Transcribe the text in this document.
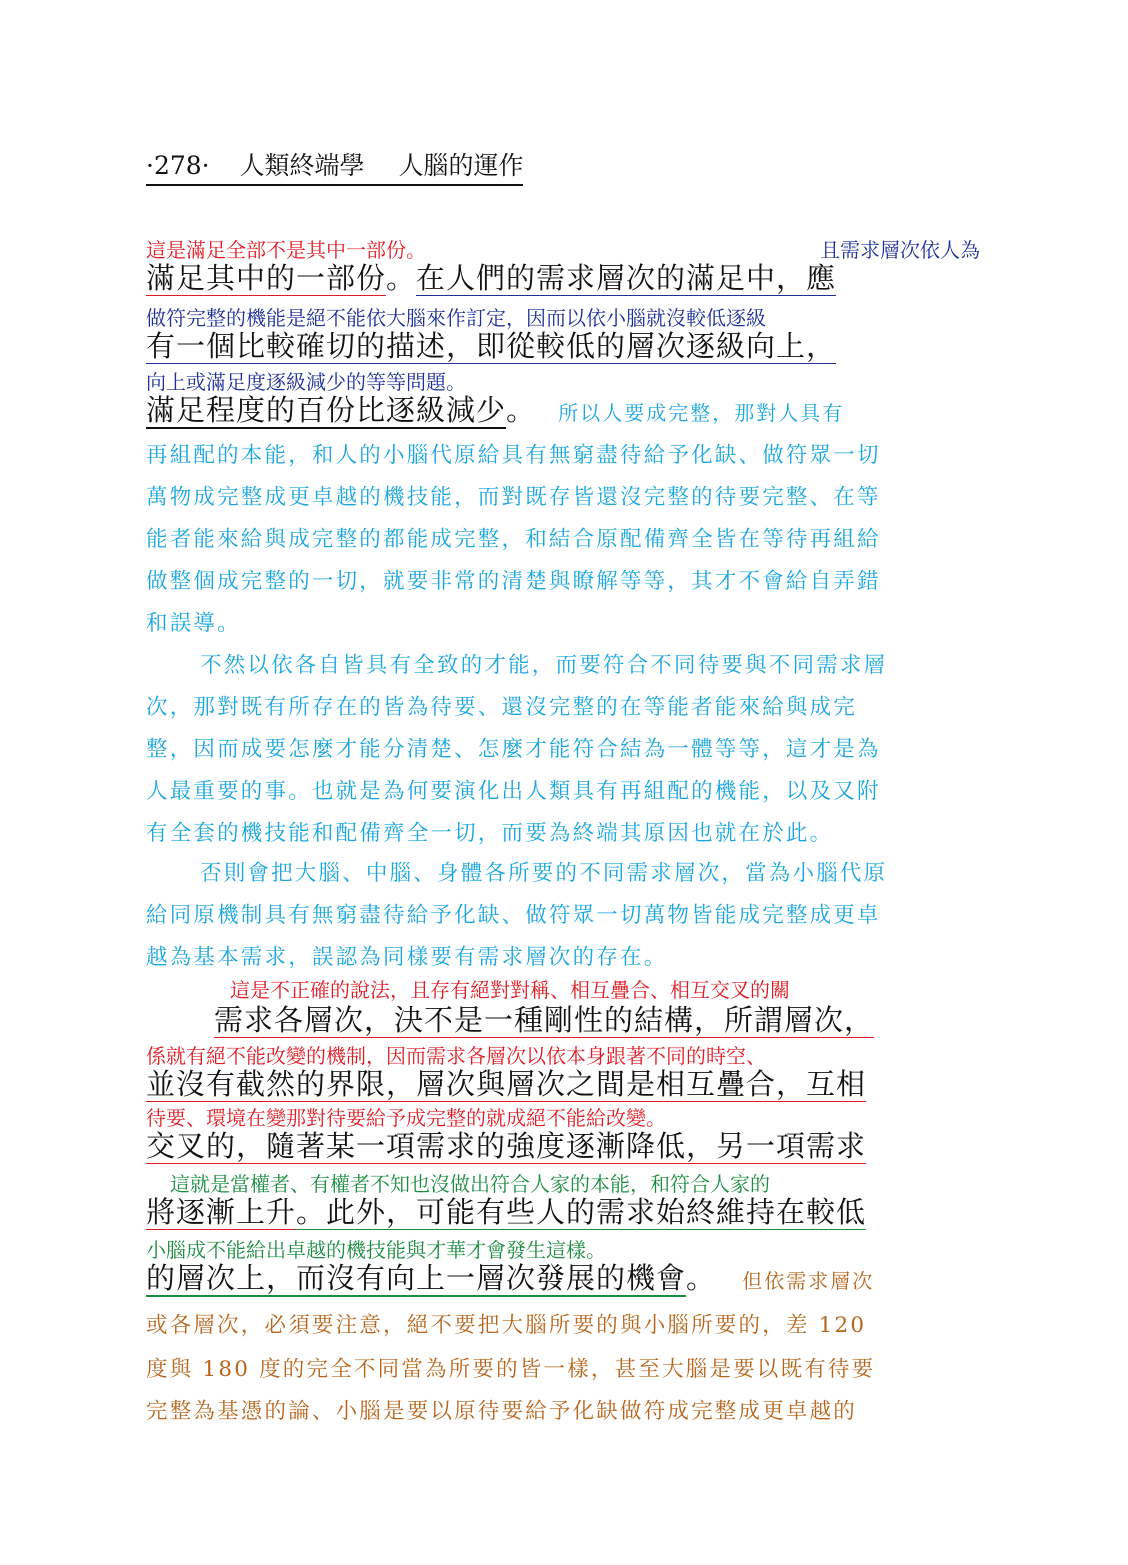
·278· 人類終端學 人腦的運作
這是滿足全部不是其中一部份。	且需求層次依人為
滿足其中的一部份。在人們的需求層次的滿足中，應
做符完整的機能是絕不能依大腦來作訂定，因而以依小腦就沒較低逐級
有一個比較確切的描述，即從較低的層次逐級向上，
向上或滿足度逐級減少的等等問題。
滿足程度的百份比逐級減少。 所以人要成完整，那對人具有
再組配的本能，和人的小腦代原給具有無窮盡待給予化缺、做符眾一切
萬物成完整成更卓越的機技能，而對既存皆還沒完整的待要完整、在等
能者能來給與成完整的都能成完整，和結合原配備齊全皆在等待再組給
做整個成完整的一切，就要非常的清楚與瞭解等等，其才不會給自弄錯
和誤導。
不然以依各自皆具有全致的才能，而要符合不同待要與不同需求層
次，那對既有所存在的皆為待要、還沒完整的在等能者能來給與成完
整，因而成要怎麼才能分清楚、怎麼才能符合結為一體等等，這才是為
人最重要的事。也就是為何要演化出人類具有再組配的機能，以及又附
有全套的機技能和配備齊全一切，而要為終端其原因也就在於此。
否則會把大腦、中腦、身體各所要的不同需求層次，當為小腦代原
給同原機制具有無窮盡待給予化缺、做符眾一切萬物皆能成完整成更卓
越為基本需求，誤認為同樣要有需求層次的存在。
這是不正確的說法，且存有絕對對稱、相互疊合、相互交叉的關
需求各層次，決不是一種剛性的結構，所謂層次，
係就有絕不能改變的機制，因而需求各層次以依本身跟著不同的時空、
並沒有截然的界限，層次與層次之間是相互疊合，互相
待要、環境在變那對待要給予成完整的就成絕不能給改變。
交叉的，隨著某一項需求的強度逐漸降低，另一項需求
這就是當權者、有權者不知也沒做出符合人家的本能，和符合人家的
將逐漸上升。此外，可能有些人的需求始終維持在較低
小腦成不能給出卓越的機技能與才華才會發生這樣。
的層次上，而沒有向上一層次發展的機會。 但依需求層次
或各層次，必須要注意，絕不要把大腦所要的與小腦所要的，差 120
度與 180 度的完全不同當為所要的皆一樣，甚至大腦是要以既有待要
完整為基憑的論、小腦是要以原待要給予化缺做符成完整成更卓越的
